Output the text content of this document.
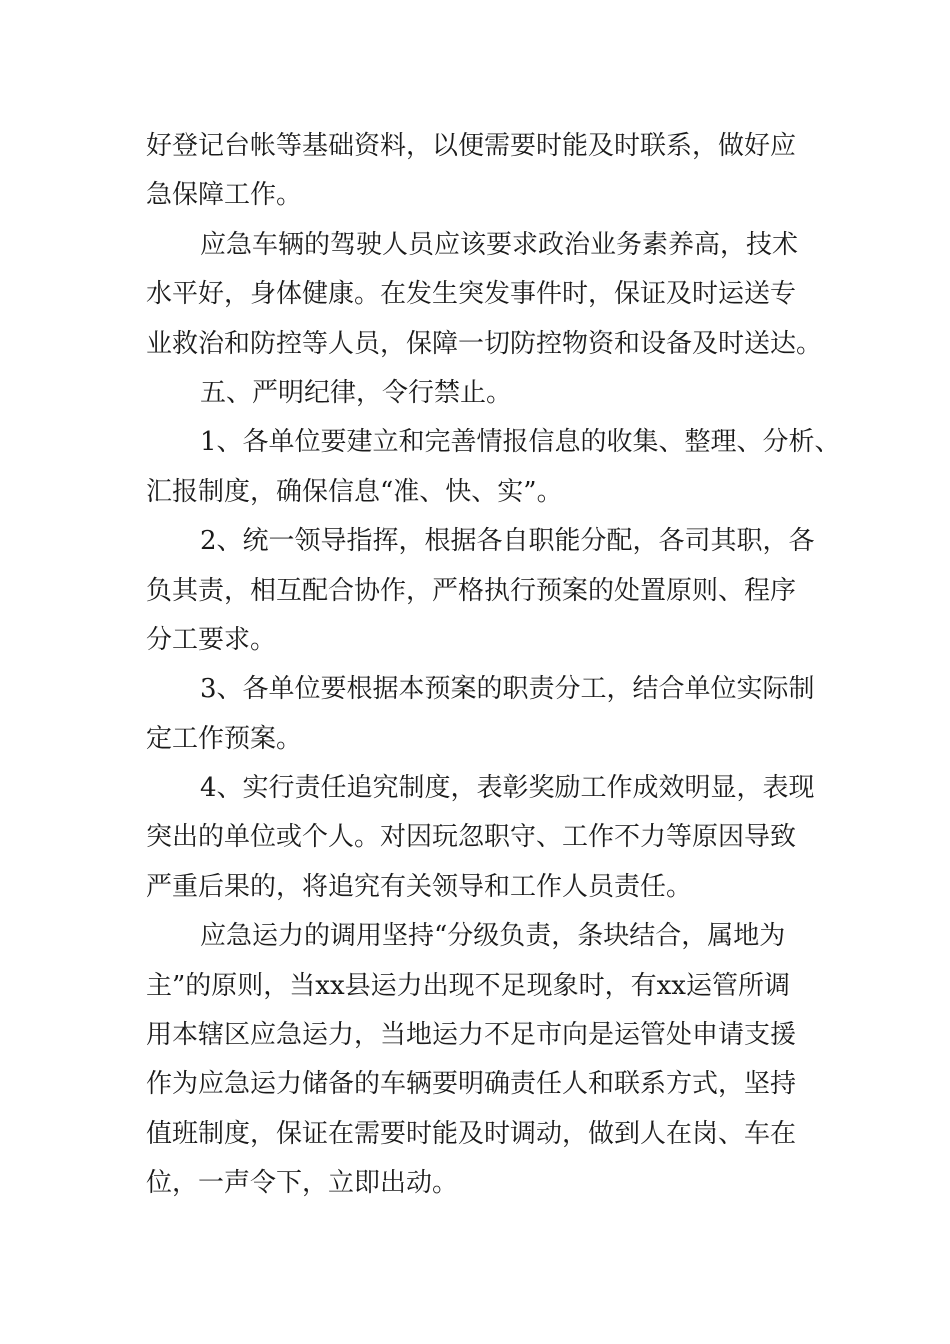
好登记台帐等基础资料，以便需要时能及时联系，做好应
急保障工作。
应急车辆的驾驶人员应该要求政治业务素养高，技术
水平好，身体健康。在发生突发事件时，保证及时运送专
业救治和防控等人员，保障一切防控物资和设备及时送达。
五、严明纪律，令行禁止。
1、各单位要建立和完善情报信息的收集、整理、分析、
汇报制度，确保信息“准、快、实”。
2、统一领导指挥，根据各自职能分配，各司其职，各
负其责，相互配合协作，严格执行预案的处置原则、程序
分工要求。
3、各单位要根据本预案的职责分工，结合单位实际制
定工作预案。
4、实行责任追究制度，表彰奖励工作成效明显，表现
突出的单位或个人。对因玩忽职守、工作不力等原因导致
严重后果的，将追究有关领导和工作人员责任。
应急运力的调用坚持“分级负责，条块结合，属地为
主”的原则，当xx县运力出现不足现象时，有xx运管所调
用本辖区应急运力，当地运力不足市向是运管处申请支援
作为应急运力储备的车辆要明确责任人和联系方式，坚持
值班制度，保证在需要时能及时调动，做到人在岗、车在
位，一声令下，立即出动。
